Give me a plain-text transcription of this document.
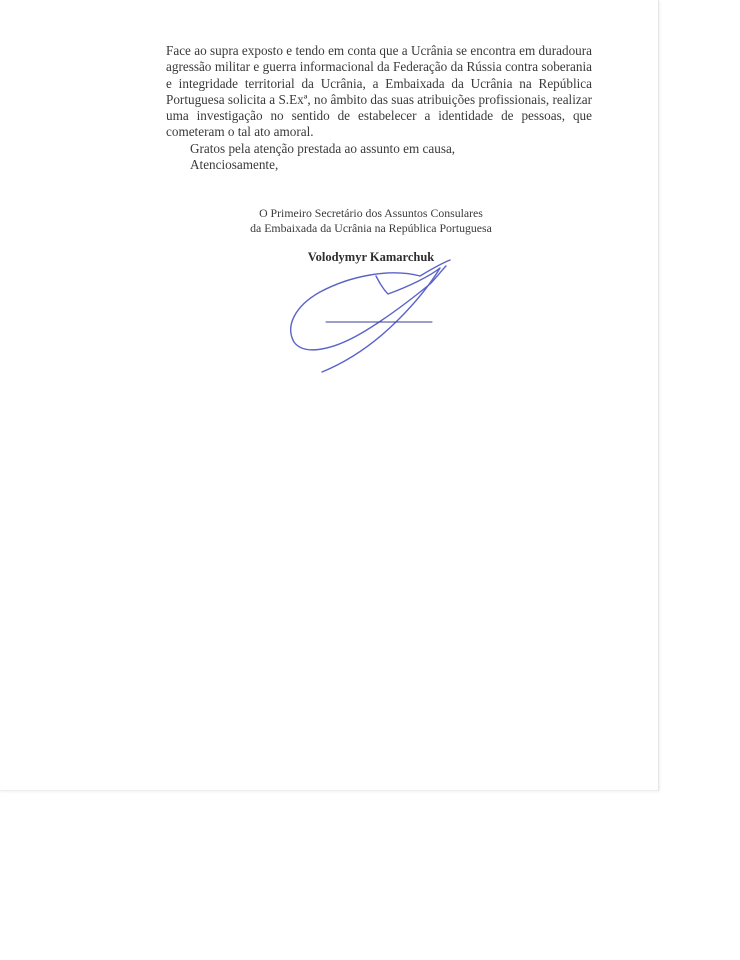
Face ao supra exposto e tendo em conta que a Ucrânia se encontra em duradoura agressão militar e guerra informacional da Federação da Rússia contra soberania e integridade territorial da Ucrânia, a Embaixada da Ucrânia na República Portuguesa solicita a S.Exª, no âmbito das suas atribuições profissionais, realizar uma investigação no sentido de estabelecer a identidade de pessoas, que cometeram o tal ato amoral.

Gratos pela atenção prestada ao assunto em causa,

Atenciosamente,

O Primeiro Secretário dos Assuntos Consulares
da Embaixada da Ucrânia na República Portuguesa
Volodymyr Kamarchuk
